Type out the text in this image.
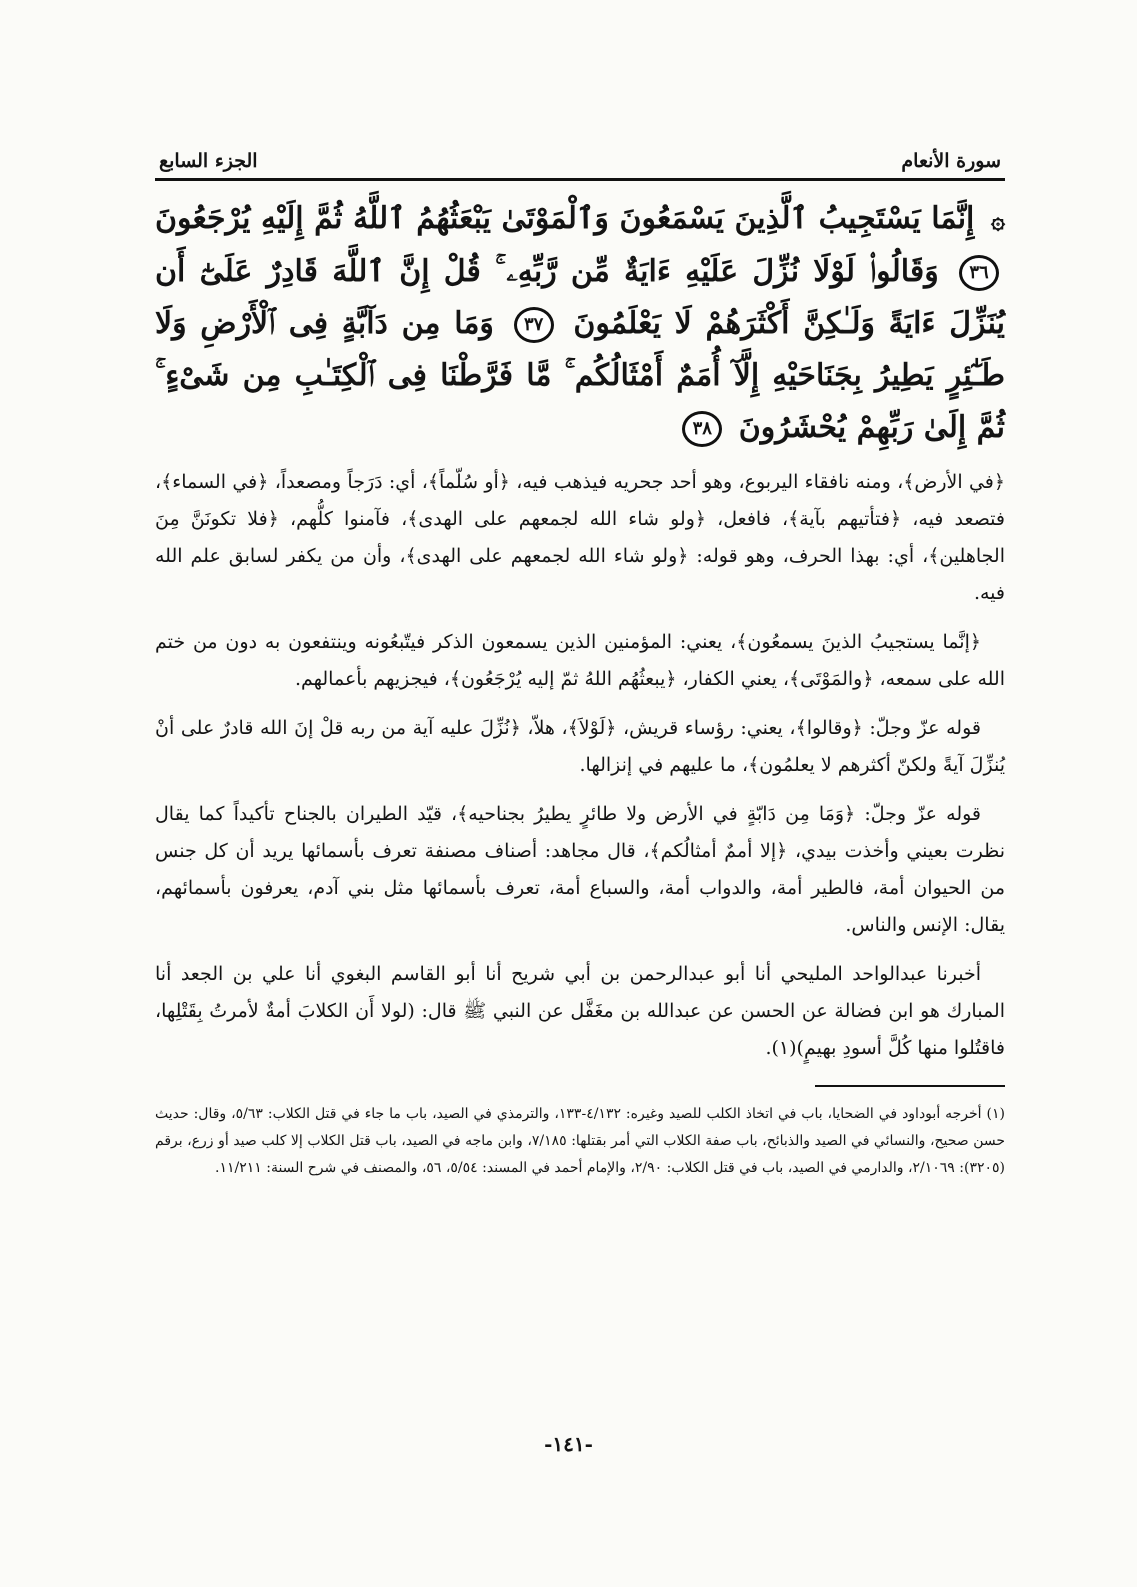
سورة الأنعام
الجزء السابع
۞ إِنَّمَا يَسْتَجِيبُ ٱلَّذِينَ يَسْمَعُونَ وَٱلْمَوْتَىٰ يَبْعَثُهُمُ ٱللَّهُ ثُمَّ إِلَيْهِ يُرْجَعُونَ ٣٦ وَقَالُوا۟ لَوْلَا نُزِّلَ عَلَيْهِ ءَايَةٌ مِّن رَّبِّهِۦ ۚ قُلْ إِنَّ ٱللَّهَ قَادِرٌ عَلَىٰٓ أَن يُنَزِّلَ ءَايَةً وَلَـٰكِنَّ أَكْثَرَهُمْ لَا يَعْلَمُونَ ٣٧ وَمَا مِن دَآبَّةٍ فِى ٱلْأَرْضِ وَلَا طَـٰٓئِرٍ يَطِيرُ بِجَنَاحَيْهِ إِلَّآ أُمَمٌ أَمْثَالُكُم ۚ مَّا فَرَّطْنَا فِى ٱلْكِتَـٰبِ مِن شَىْءٍ ۚ ثُمَّ إِلَىٰ رَبِّهِمْ يُحْشَرُونَ ٣٨

﴿في الأرض﴾، ومنه نافقاء اليربوع، وهو أحد جحريه فيذهب فيه، ﴿أو سُلّماً﴾، أي: دَرَجاً ومصعداً، ﴿في السماء﴾، فتصعد فيه، ﴿فتأتيهم بآية﴾، فافعل، ﴿ولو شاء الله لجمعهم على الهدى﴾، فآمنوا كلُّهم، ﴿فلا تكونَنَّ مِنَ الجاهلين﴾، أي: بهذا الحرف، وهو قوله: ﴿ولو شاء الله لجمعهم على الهدى﴾، وأن من يكفر لسابق علم الله فيه.

﴿إنَّما يستجيبُ الذينَ يسمعُون﴾، يعني: المؤمنين الذين يسمعون الذكر فيتّبعُونه وينتفعون به دون من ختم الله على سمعه، ﴿والمَوْتَى﴾، يعني الكفار، ﴿يبعثُهُم اللهُ ثمّ إليه يُرْجَعُون﴾، فيجزيهم بأعمالهم.

قوله عزّ وجلّ: ﴿وقالوا﴾، يعني: رؤساء قريش، ﴿لَوْلاَ﴾، هلاّ، ﴿نُزِّلَ عليه آية من ربه قلْ إنَ الله قادرٌ على أنْ يُنزِّلَ آيةً ولكنّ أكثرهم لا يعلمُون﴾، ما عليهم في إنزالها.

قوله عزّ وجلّ: ﴿وَمَا مِن دَابّةٍ في الأرض ولا طائرٍ يطيرُ بجناحيه﴾، قيّد الطيران بالجناح تأكيداً كما يقال نظرت بعيني وأخذت بيدي، ﴿إلا أممٌ أمثالُكم﴾، قال مجاهد: أصناف مصنفة تعرف بأسمائها يريد أن كل جنس من الحيوان أمة، فالطير أمة، والدواب أمة، والسباع أمة، تعرف بأسمائها مثل بني آدم، يعرفون بأسمائهم، يقال: الإنس والناس.

أخبرنا عبدالواحد المليحي أنا أبو عبدالرحمن بن أبي شريح أنا أبو القاسم البغوي أنا علي بن الجعد أنا المبارك هو ابن فضالة عن الحسن عن عبدالله بن مغَفَّل عن النبي ﷺ قال: (لولا أَن الكلابَ أمةٌ لأمرتُ بِقَتْلِها، فاقتُلوا منها كُلَّ أسودِ بهيمٍ)(١).

(١) أخرجه أبوداود في الضحايا، باب في اتخاذ الكلب للصيد وغيره: ٤/١٣٢-١٣٣، والترمذي في الصيد، باب ما جاء في قتل الكلاب: ٥/٦٣، وقال: حديث حسن صحيح، والنسائي في الصيد والذبائح، باب صفة الكلاب التي أمر بقتلها: ٧/١٨٥، وابن ماجه في الصيد، باب قتل الكلاب إلا كلب صيد أو زرع، برقم (٣٢٠٥): ٢/١٠٦٩، والدارمي في الصيد، باب في قتل الكلاب: ٢/٩٠، والإمام أحمد في المسند: ٥/٥٤، ٥٦، والمصنف في شرح السنة: ١١/٢١١.

-١٤١-
